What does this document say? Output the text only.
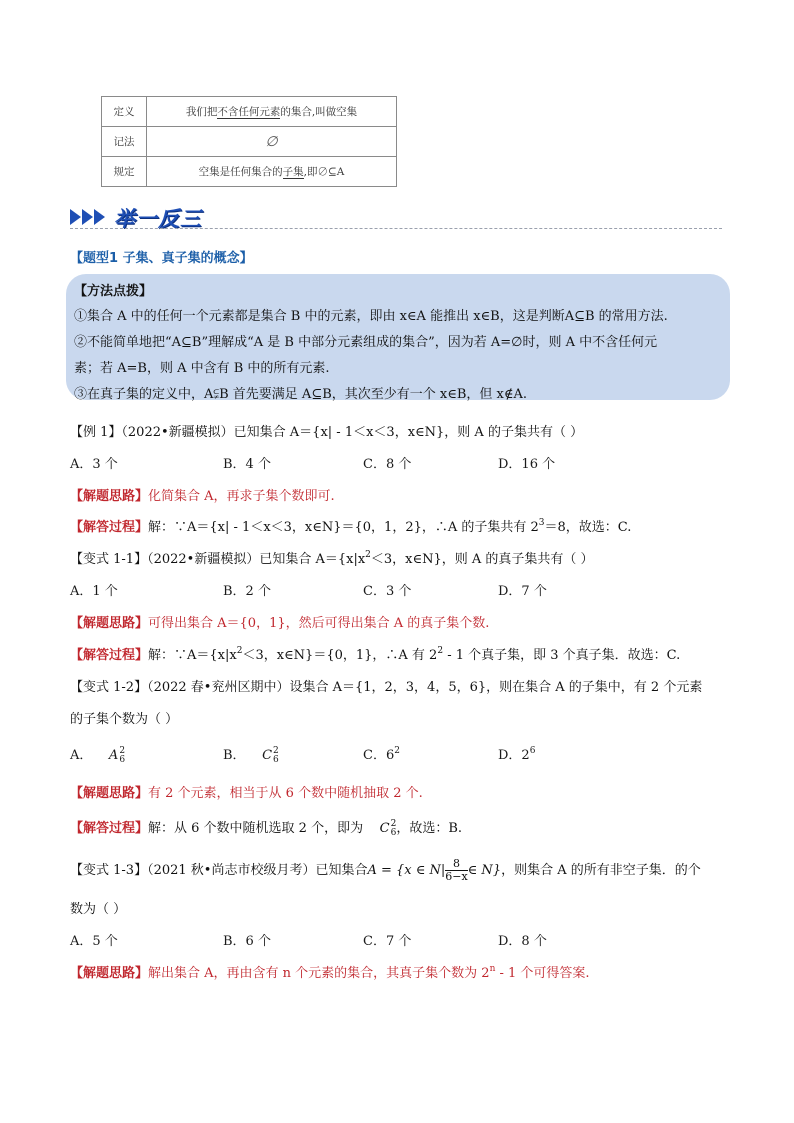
定义	我们把不含任何元素的集合,叫做空集
记法	∅
规定	空集是任何集合的子集,即∅⊆A
举一反三
【题型1 子集、真子集的概念】
【方法点拨】
①集合 A 中的任何一个元素都是集合 B 中的元素，即由 x∈A 能推出 x∈B，这是判断A⊆B 的常用方法.
②不能简单地把“A⊆B”理解成“A 是 B 中部分元素组成的集合”，因为若 A=∅时，则 A 中不含任何元
素；若 A=B，则 A 中含有 B 中的所有元素.
③在真子集的定义中，A⫋B 首先要满足 A⊆B，其次至少有一个 x∈B，但 x∉A.
【例 1】（2022•新疆模拟）已知集合 A＝{x| - 1＜x＜3，x∈N}，则 A 的子集共有（ ）
A．3 个	B．4 个	C．8 个	D．16 个
【解题思路】化简集合 A，再求子集个数即可.
【解答过程】解：∵A＝{x| - 1＜x＜3，x∈N}＝{0，1，2}，∴A 的子集共有 $2^3=8$，故选：C.
【变式 1-1】（2022•新疆模拟）已知集合 $A=\{x|x^2<3$，x∈N}，则 A 的真子集共有（ ）
A．1 个	B．2 个	C．3 个	D．7 个
【解题思路】可得出集合 A＝{0，1}，然后可得出集合 A 的真子集个数.
【解答过程】解：$\because A=\{x|x^2<3$，x∈N}＝{0，1}，∴A 有 $2^2 - 1$ 个真子集，即 3 个真子集．故选：C.
【变式 1-2】（2022 春•兖州区期中）设集合 A＝{1，2，3，4，5，6}，则在集合 A 的子集中，有 2 个元素
的子集个数为（ ）
A． A 2
6	B． C 2
6	C．$6^2$	D．$2^6$
【解题思路】有 2 个元素，相当于从 6 个数中随机抽取 2 个.
【解答过程】解：从 6 个数中随机选取 2 个，即为 C 2
6 ，故选：B.
【变式 1-3】（2021 秋•尚志市校级月考）已知集合A = {x ∈ $N| \frac{8}{6-x}$ ∈ N}，则集合 A 的所有非空子集．的个
数为（ ）
A．5 个	B．6 个	C．7 个	D．8 个
【解题思路】解出集合 A，再由含有 n 个元素的集合，其真子集个数为 2$^n$ - 1 个可得答案.
